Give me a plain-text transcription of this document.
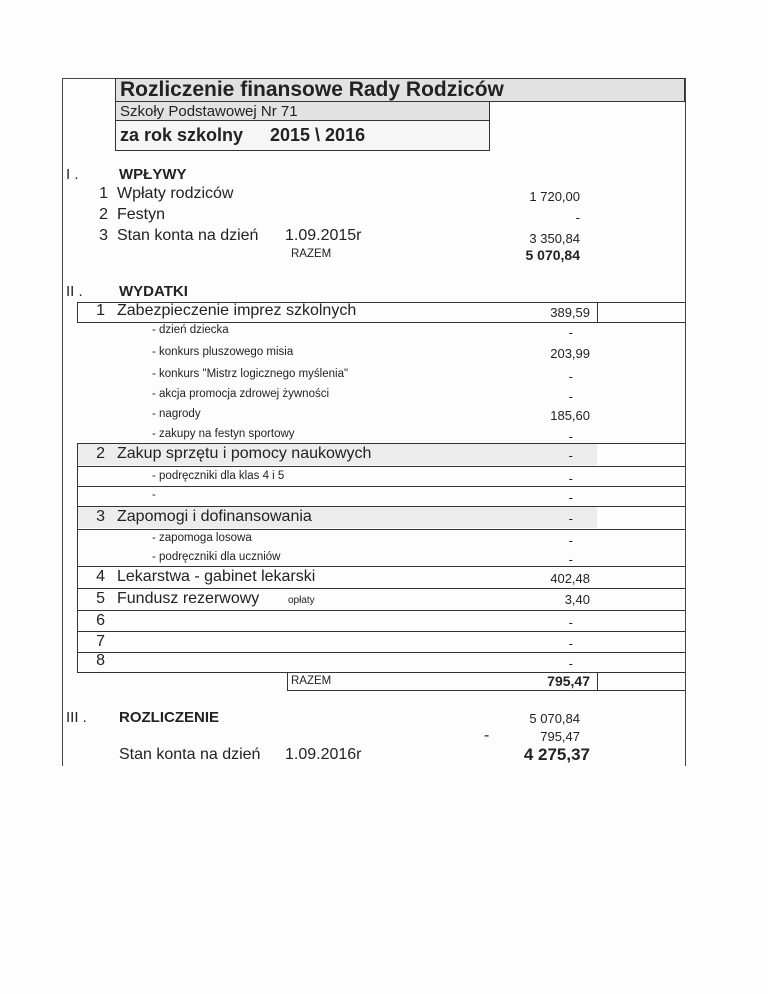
Rozliczenie finansowe Rady Rodziców
Szkoły Podstawowej Nr 71
za rok szkolny 2015 \ 2016
I .	WPŁYWY
1 Wpłaty rodziców	1 720,00
2 Festyn	-
3 Stan konta na dzień 1.09.2015r	3 350,84
RAZEM	5 070,84
II . WYDATKI
1 Zabezpieczenie imprez szkolnych	389,59
- dzień dziecka	-
- konkurs pluszowego misia	203,99
- konkurs "Mistrz logicznego myślenia"	-
- akcja promocja zdrowej żywności	-
- nagrody	185,60
- zakupy na festyn sportowy	-
2 Zakup sprzętu i pomocy naukowych	-
- podręczniki dla klas 4 i 5	-
-	-
3 Zapomogi i dofinansowania	-
- zapomoga losowa	-
- podręczniki dla uczniów	-
4 Lekarstwa - gabinet lekarski	402,48
5 Fundusz rezerwowy	opłaty	3,40
6	-
7	-
8	-
RAZEM	795,47
III . ROZLICZENIE	5 070,84
-	795,47
Stan konta na dzień 1.09.2016r	4 275,37
